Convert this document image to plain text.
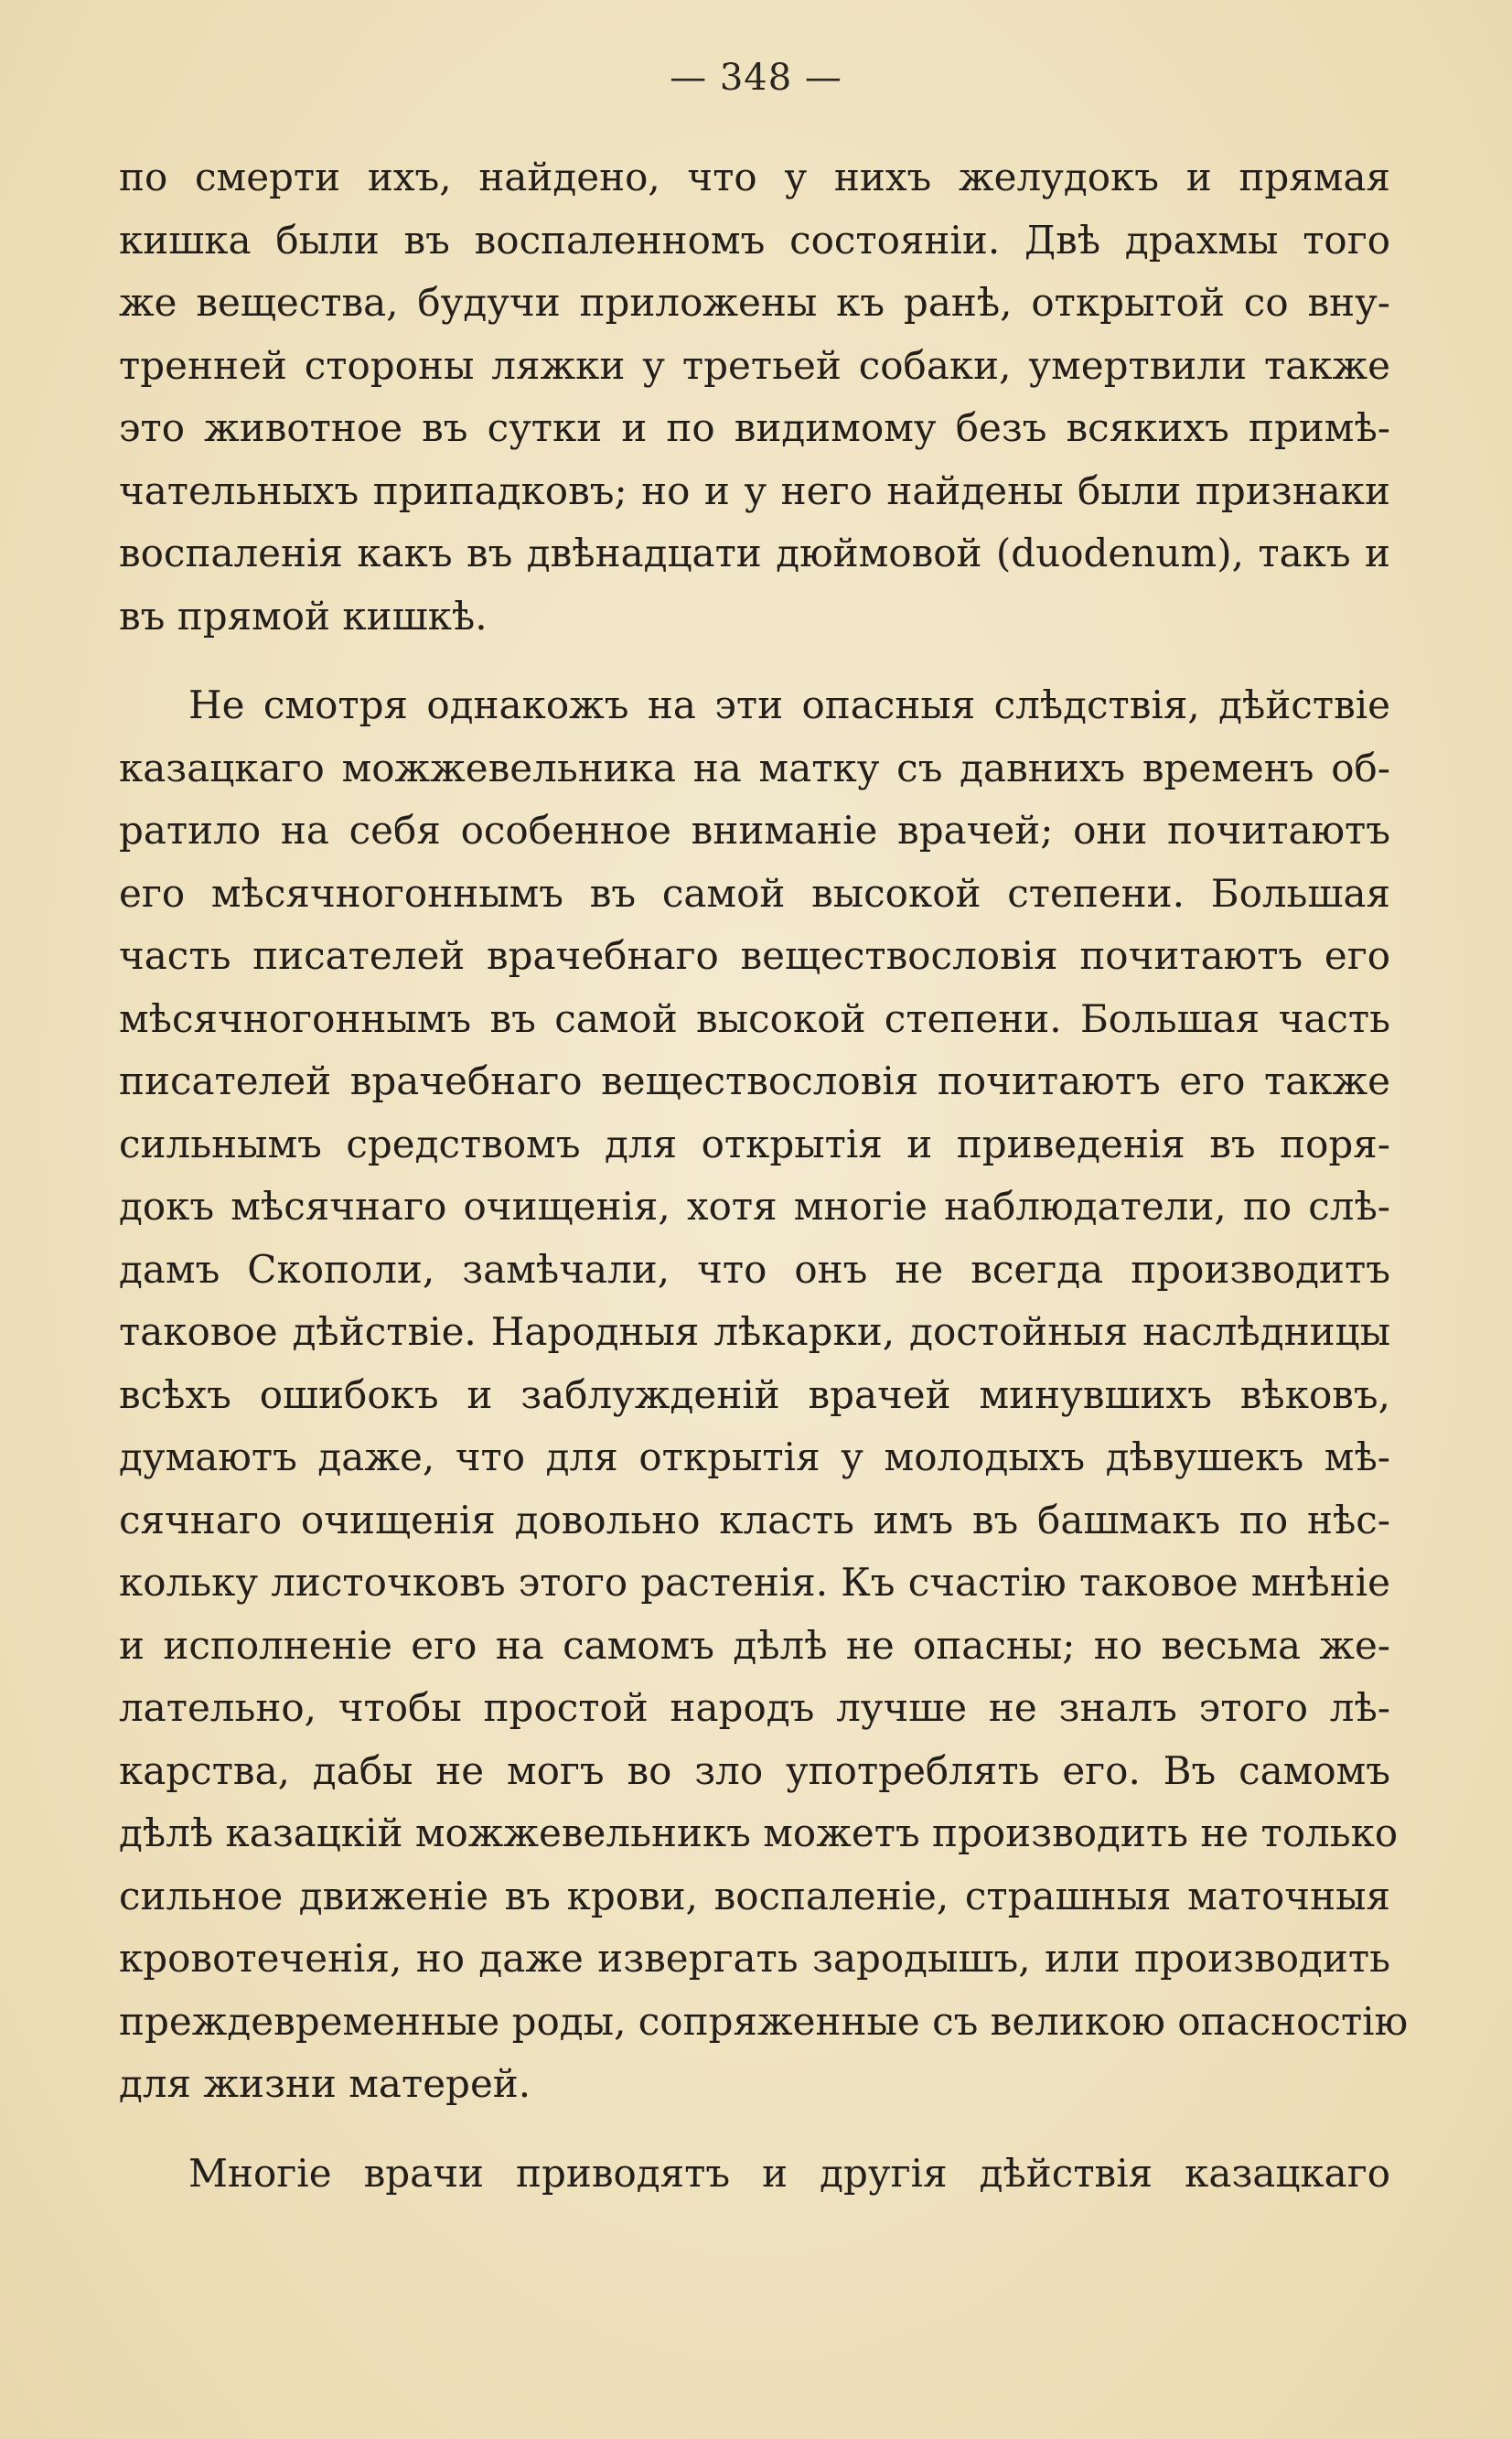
— 348 —
по смерти ихъ, найдено, что у нихъ желудокъ и прямая
кишка были въ воспаленномъ состоянiи. Двѣ драхмы того
же вещества, будучи приложены къ ранѣ, открытой со вну-
тренней стороны ляжки у третьей собаки, умертвили также
это животное въ сутки и по видимому безъ всякихъ примѣ-
чательныхъ припадковъ; но и у него найдены были признаки
воспаленiя какъ въ двѣнадцати дюймовой (duodenum), такъ и
въ прямой кишкѣ.
Не смотря однакожъ на эти опасныя слѣдствiя, дѣйствiе
казацкаго можжевельника на матку съ давнихъ временъ об-
ратило на себя особенное вниманiе врачей; они почитаютъ
его мѣсячногоннымъ въ самой высокой степени. Большая
часть писателей врачебнаго веществословiя почитаютъ его
мѣсячногоннымъ въ самой высокой степени. Большая часть
писателей врачебнаго веществословiя почитаютъ его также
сильнымъ средствомъ для открытiя и приведенiя въ поря-
докъ мѣсячнаго очищенiя, хотя многiе наблюдатели, по слѣ-
дамъ Скополи, замѣчали, что онъ не всегда производитъ
таковое дѣйствiе. Народныя лѣкарки, достойныя наслѣдницы
всѣхъ ошибокъ и заблужденiй врачей минувшихъ вѣковъ,
думаютъ даже, что для открытiя у молодыхъ дѣвушекъ мѣ-
сячнаго очищенiя довольно класть имъ въ башмакъ по нѣс-
кольку листочковъ этого растенiя. Къ счастiю таковое мнѣнiе
и исполненiе его на самомъ дѣлѣ не опасны; но весьма же-
лательно, чтобы простой народъ лучше не зналъ этого лѣ-
карства, дабы не могъ во зло употреблять его. Въ самомъ
дѣлѣ казацкiй можжевельникъ можетъ производить не только
сильное движенiе въ крови, воспаленiе, страшныя маточныя
кровотеченiя, но даже извергать зародышъ, или производить
преждевременные роды, сопряженные съ великою опасностiю
для жизни матерей.
Многiе врачи приводятъ и другiя дѣйствiя казацкаго
